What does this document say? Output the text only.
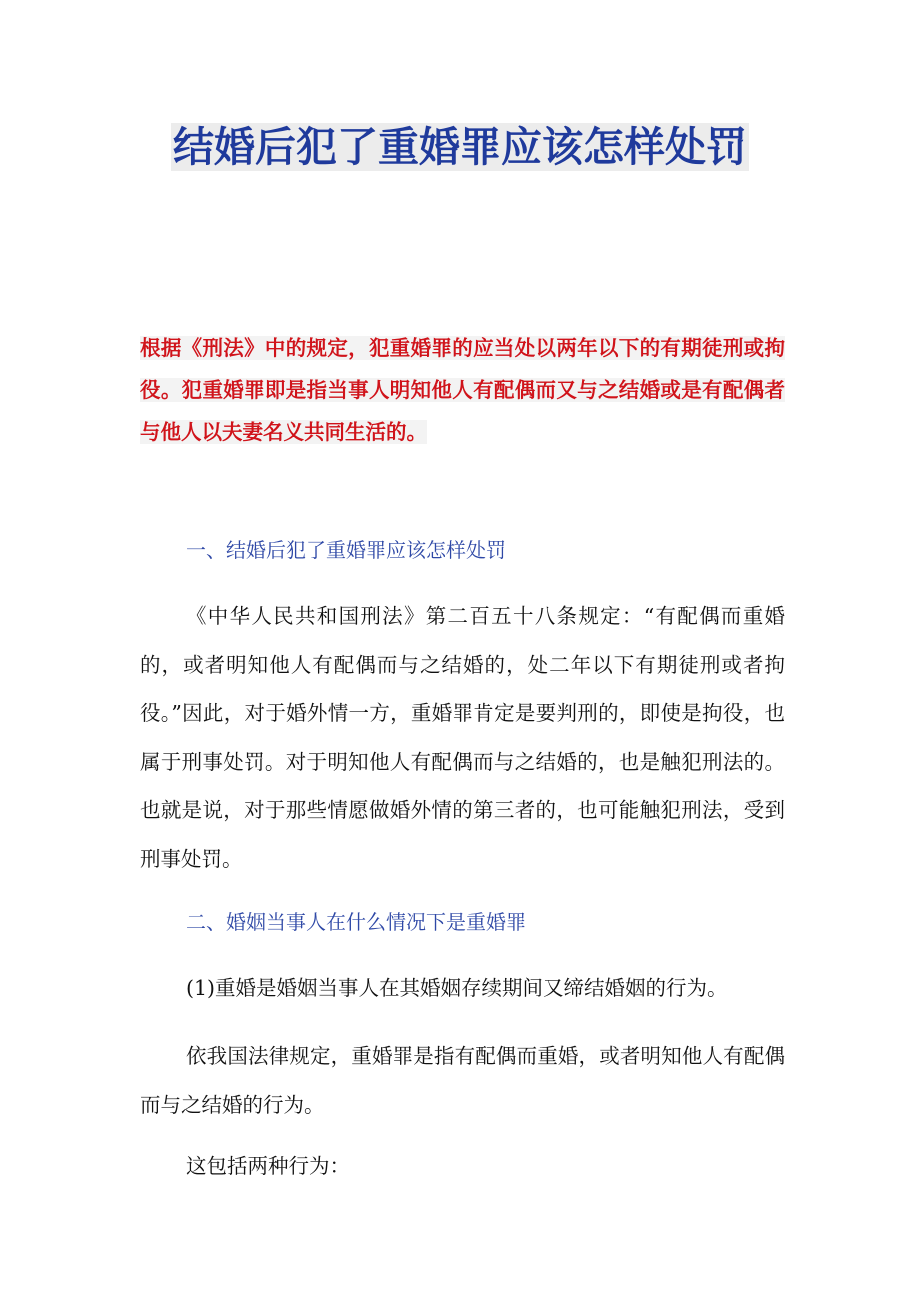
结婚后犯了重婚罪应该怎样处罚

根据《刑法》中的规定，犯重婚罪的应当处以两年以下的有期徒刑或拘役。犯重婚罪即是指当事人明知他人有配偶而又与之结婚或是有配偶者与他人以夫妻名义共同生活的。

一、结婚后犯了重婚罪应该怎样处罚

《中华人民共和国刑法》第二百五十八条规定：“有配偶而重婚的，或者明知他人有配偶而与之结婚的，处二年以下有期徒刑或者拘役。”因此，对于婚外情一方，重婚罪肯定是要判刑的，即使是拘役，也属于刑事处罚。对于明知他人有配偶而与之结婚的，也是触犯刑法的。也就是说，对于那些情愿做婚外情的第三者的，也可能触犯刑法，受到刑事处罚。

二、婚姻当事人在什么情况下是重婚罪

(1)重婚是婚姻当事人在其婚姻存续期间又缔结婚姻的行为。

依我国法律规定，重婚罪是指有配偶而重婚，或者明知他人有配偶而与之结婚的行为。

这包括两种行为：
